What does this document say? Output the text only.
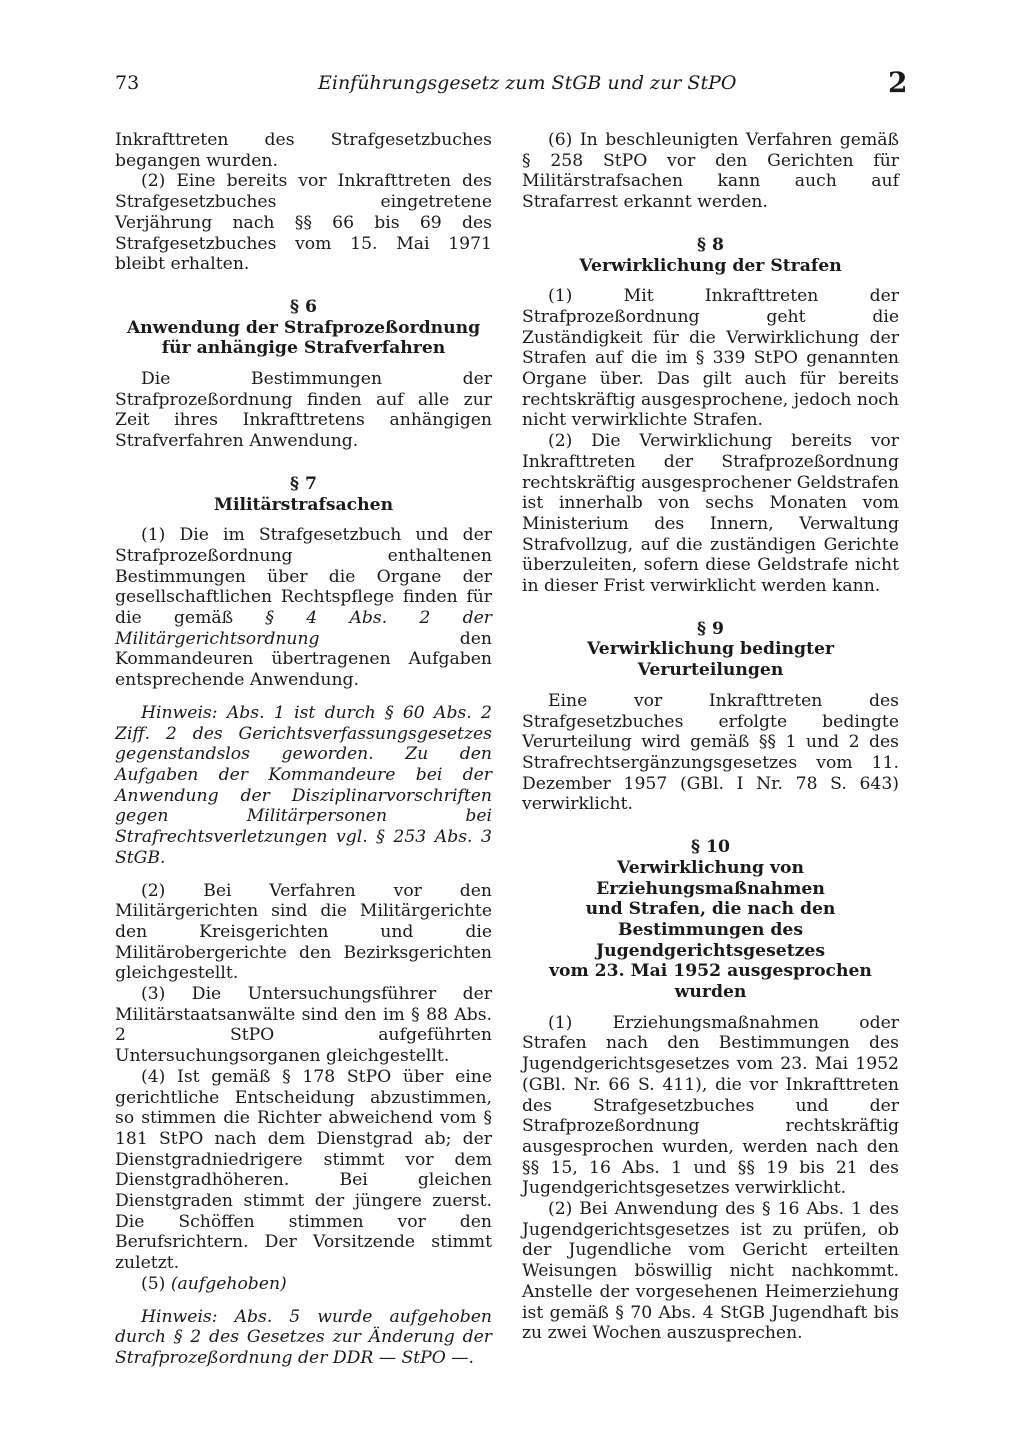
73	Einführungsgesetz zum StGB und zur StPO	2

Inkrafttreten des Strafgesetzbuches begangen wurden.

(2) Eine bereits vor Inkrafttreten des Strafgesetzbuches eingetretene Verjährung nach §§ 66 bis 69 des Strafgesetzbuches vom 15. Mai 1971 bleibt erhalten.

§ 6
Anwendung der Strafprozeßordnung
für anhängige Strafverfahren

Die Bestimmungen der Strafprozeßordnung finden auf alle zur Zeit ihres Inkrafttretens anhängigen Strafverfahren Anwendung.

§ 7
Militärstrafsachen

(1) Die im Strafgesetzbuch und der Strafprozeßordnung enthaltenen Bestimmungen über die Organe der gesellschaftlichen Rechtspflege finden für die gemäß § 4 Abs. 2 der Militärgerichtsordnung den Kommandeuren übertragenen Aufgaben entsprechende Anwendung.

Hinweis: Abs. 1 ist durch § 60 Abs. 2 Ziff. 2 des Gerichtsverfassungsgesetzes gegenstandslos geworden. Zu den Aufgaben der Kommandeure bei der Anwendung der Disziplinarvorschriften gegen Militärpersonen bei Strafrechtsverletzungen vgl. § 253 Abs. 3 StGB.

(2) Bei Verfahren vor den Militärgerichten sind die Militärgerichte den Kreisgerichten und die Militärobergerichte den Bezirksgerichten gleichgestellt.

(3) Die Untersuchungsführer der Militärstaatsanwälte sind den im § 88 Abs. 2 StPO aufgeführten Untersuchungsorganen gleichgestellt.

(4) Ist gemäß § 178 StPO über eine gerichtliche Entscheidung abzustimmen, so stimmen die Richter abweichend vom § 181 StPO nach dem Dienstgrad ab; der Dienstgradniedrigere stimmt vor dem Dienstgradhöheren. Bei gleichen Dienstgraden stimmt der jüngere zuerst. Die Schöffen stimmen vor den Berufsrichtern. Der Vorsitzende stimmt zuletzt.

(5) (aufgehoben)

Hinweis: Abs. 5 wurde aufgehoben durch § 2 des Gesetzes zur Änderung der Strafprozeßordnung der DDR — StPO —.

(6) In beschleunigten Verfahren gemäß § 258 StPO vor den Gerichten für Militärstrafsachen kann auch auf Strafarrest erkannt werden.

§ 8
Verwirklichung der Strafen

(1) Mit Inkrafttreten der Strafprozeßordnung geht die Zuständigkeit für die Verwirklichung der Strafen auf die im § 339 StPO genannten Organe über. Das gilt auch für bereits rechtskräftig ausgesprochene, jedoch noch nicht verwirklichte Strafen.

(2) Die Verwirklichung bereits vor Inkrafttreten der Strafprozeßordnung rechtskräftig ausgesprochener Geldstrafen ist innerhalb von sechs Monaten vom Ministerium des Innern, Verwaltung Strafvollzug, auf die zuständigen Gerichte überzuleiten, sofern diese Geldstrafe nicht in dieser Frist verwirklicht werden kann.

§ 9
Verwirklichung bedingter
Verurteilungen

Eine vor Inkrafttreten des Strafgesetzbuches erfolgte bedingte Verurteilung wird gemäß §§ 1 und 2 des Strafrechtsergänzungsgesetzes vom 11. Dezember 1957 (GBl. I Nr. 78 S. 643) verwirklicht.

§ 10
Verwirklichung von Erziehungsmaßnahmen
und Strafen, die nach den
Bestimmungen des Jugendgerichtsgesetzes
vom 23. Mai 1952 ausgesprochen wurden

(1) Erziehungsmaßnahmen oder Strafen nach den Bestimmungen des Jugendgerichtsgesetzes vom 23. Mai 1952 (GBl. Nr. 66 S. 411), die vor Inkrafttreten des Strafgesetzbuches und der Strafprozeßordnung rechtskräftig ausgesprochen wurden, werden nach den §§ 15, 16 Abs. 1 und §§ 19 bis 21 des Jugendgerichtsgesetzes verwirklicht.

(2) Bei Anwendung des § 16 Abs. 1 des Jugendgerichtsgesetzes ist zu prüfen, ob der Jugendliche vom Gericht erteilten Weisungen böswillig nicht nachkommt. Anstelle der vorgesehenen Heimerziehung ist gemäß § 70 Abs. 4 StGB Jugendhaft bis zu zwei Wochen auszusprechen.
